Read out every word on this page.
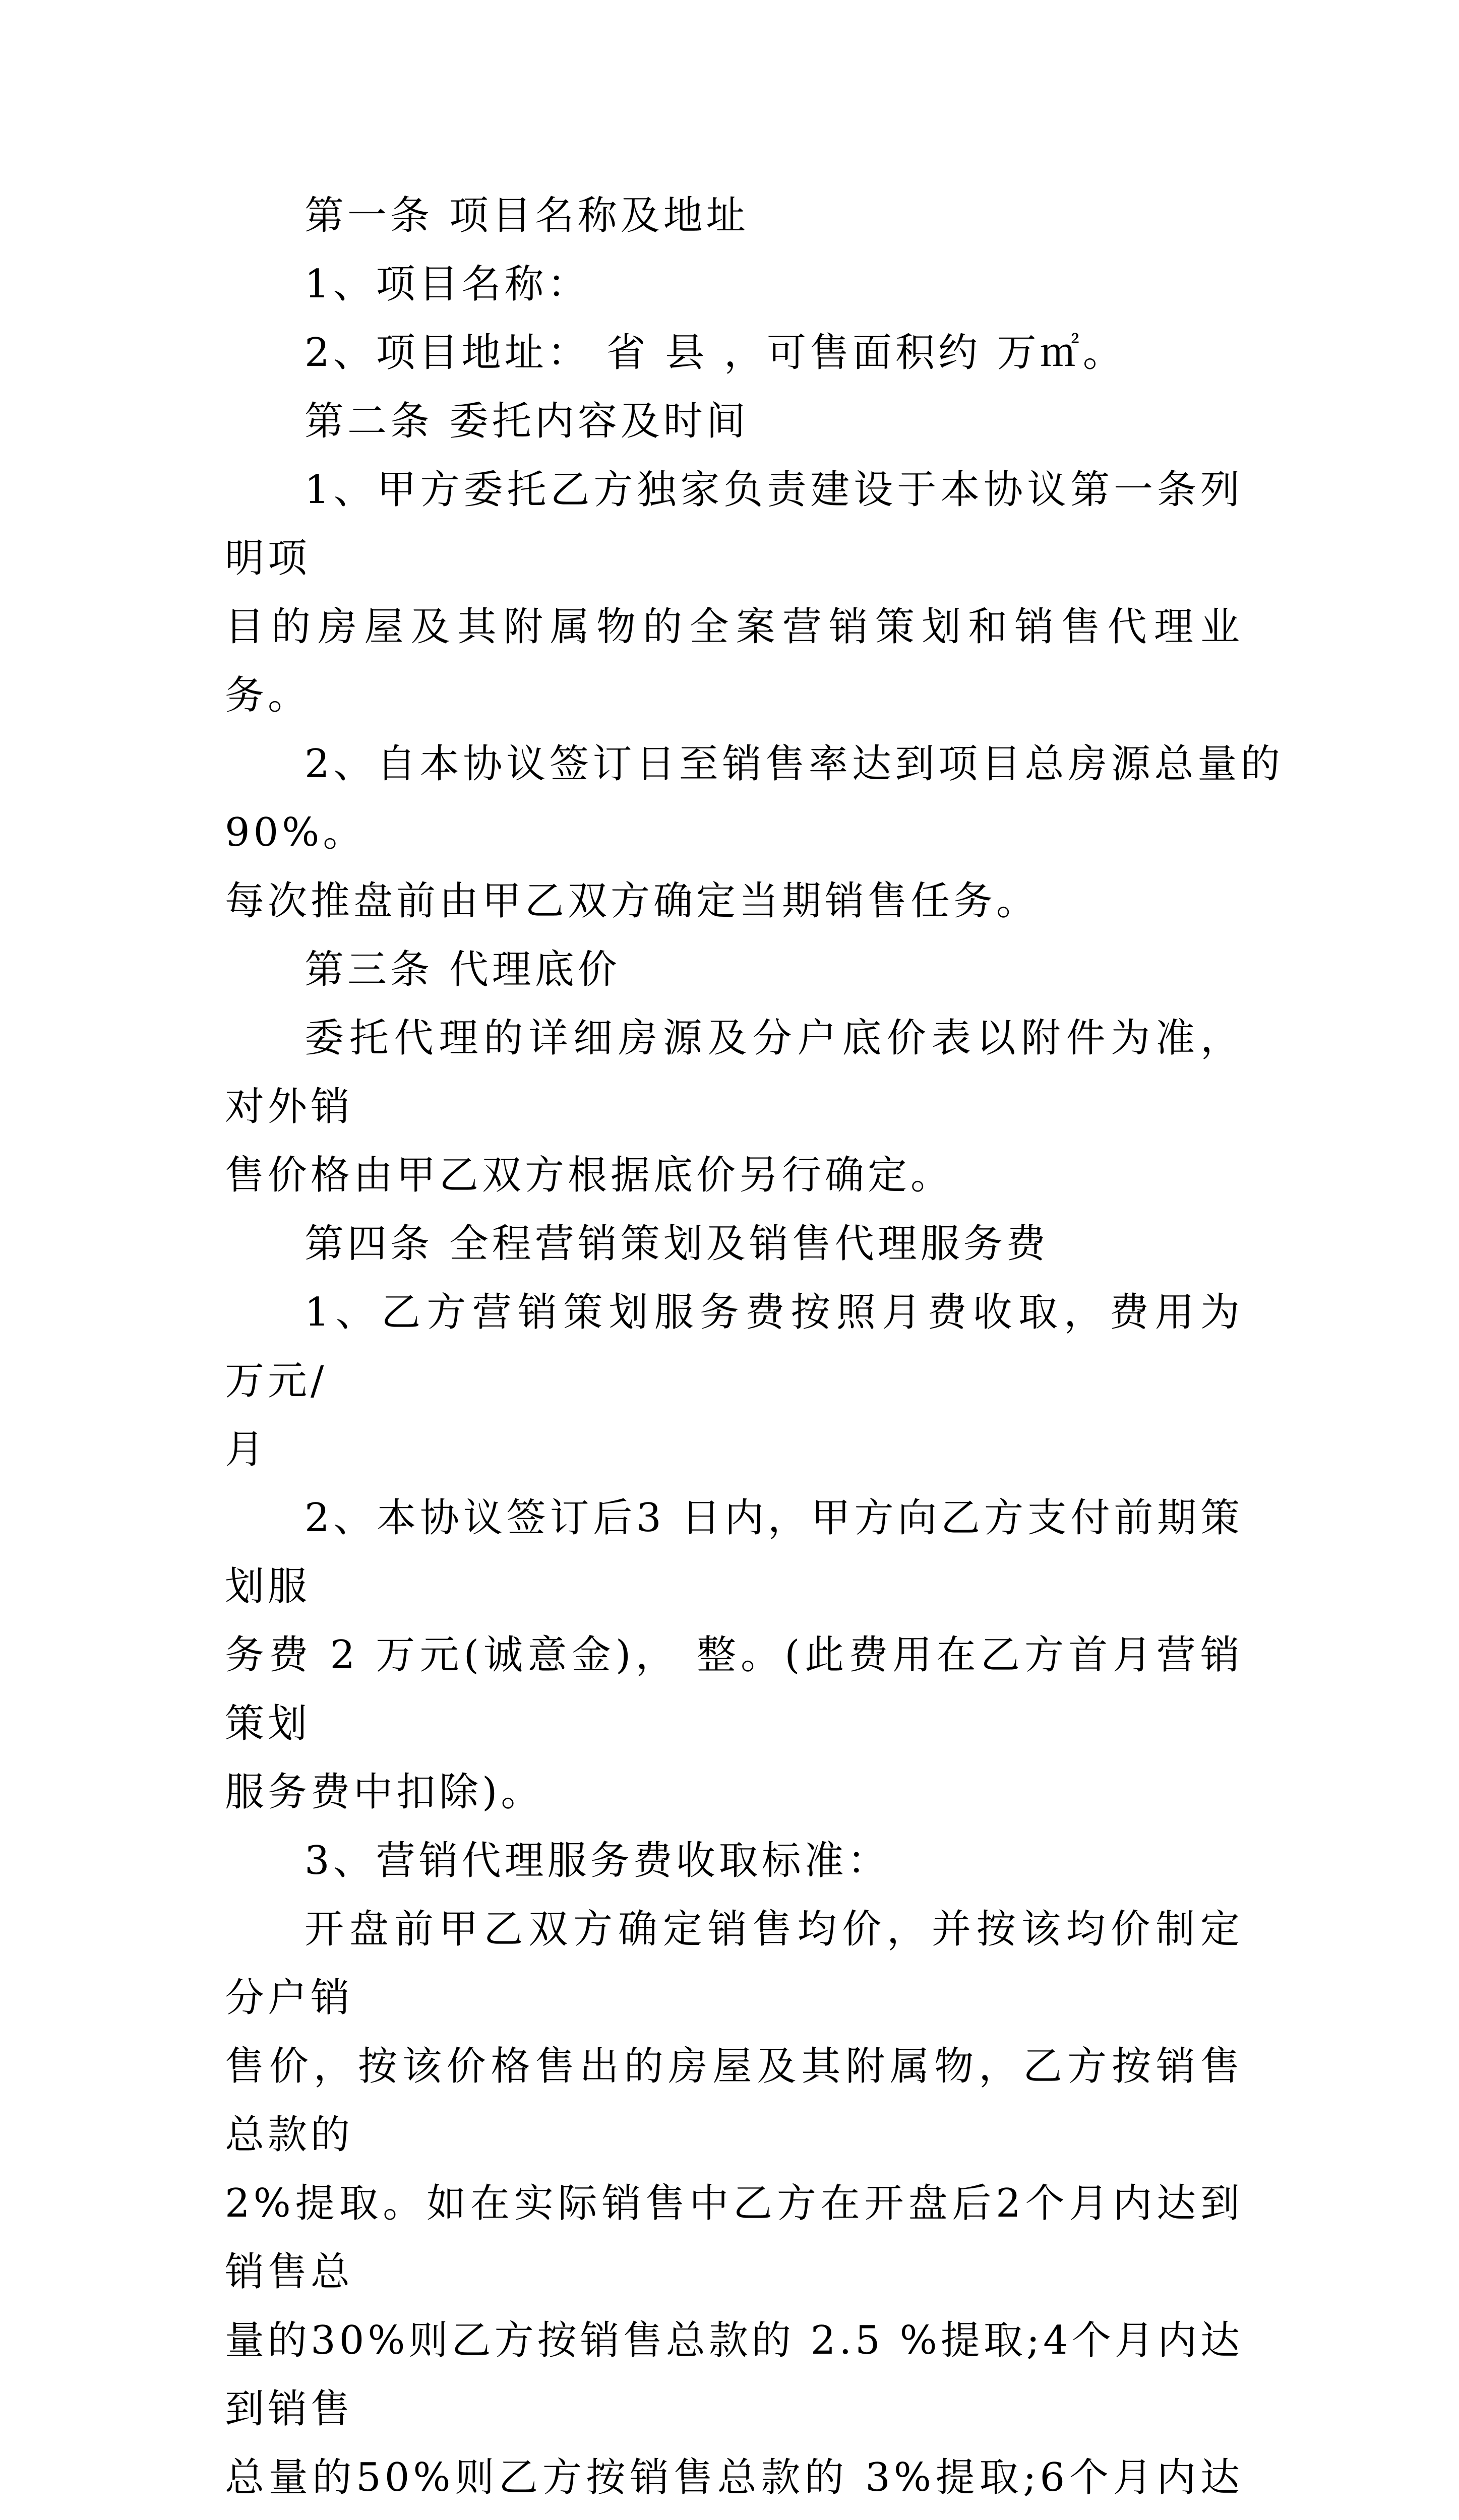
第一条 项目名称及地址

1、项目名称：

2、项目地址： 省 县 ，可售面积约 万㎡。

第二条 委托内容及时间

1、甲方委托乙方独家负责建设于本协议第一条列明项
目的房屋及其附属物的全案营销策划和销售代理业务。

2、自本协议签订日至销售率达到项目总房源总量的90%。
每次推盘前由甲乙双方确定当期销售任务。

第三条 代理底价

委托代理的详细房源及分户底价表以附件为准，对外销
售价格由甲乙双方根据底价另行确定。

第四条 全程营销策划及销售代理服务费

1、乙方营销策划服务费按照月费收取，费用为 万元/
月

2、本协议签订后3 日内，甲方向乙方支付前期策划服
务费 2 万元(诚意金)， 整。(此费用在乙方首月营销策划
服务费中扣除)。

3、营销代理服务费收取标准：

开盘前甲乙双方确定销售均价，并按该均价制定分户销
售价，按该价格售出的房屋及其附属物，乙方按销售总款的
2%提取。如在实际销售中乙方在开盘后2个月内达到销售总
量的30%则乙方按销售总款的 2.5 %提取;4个月内达到销售
总量的50%则乙方按销售总款的 3%提取;6个月内达
